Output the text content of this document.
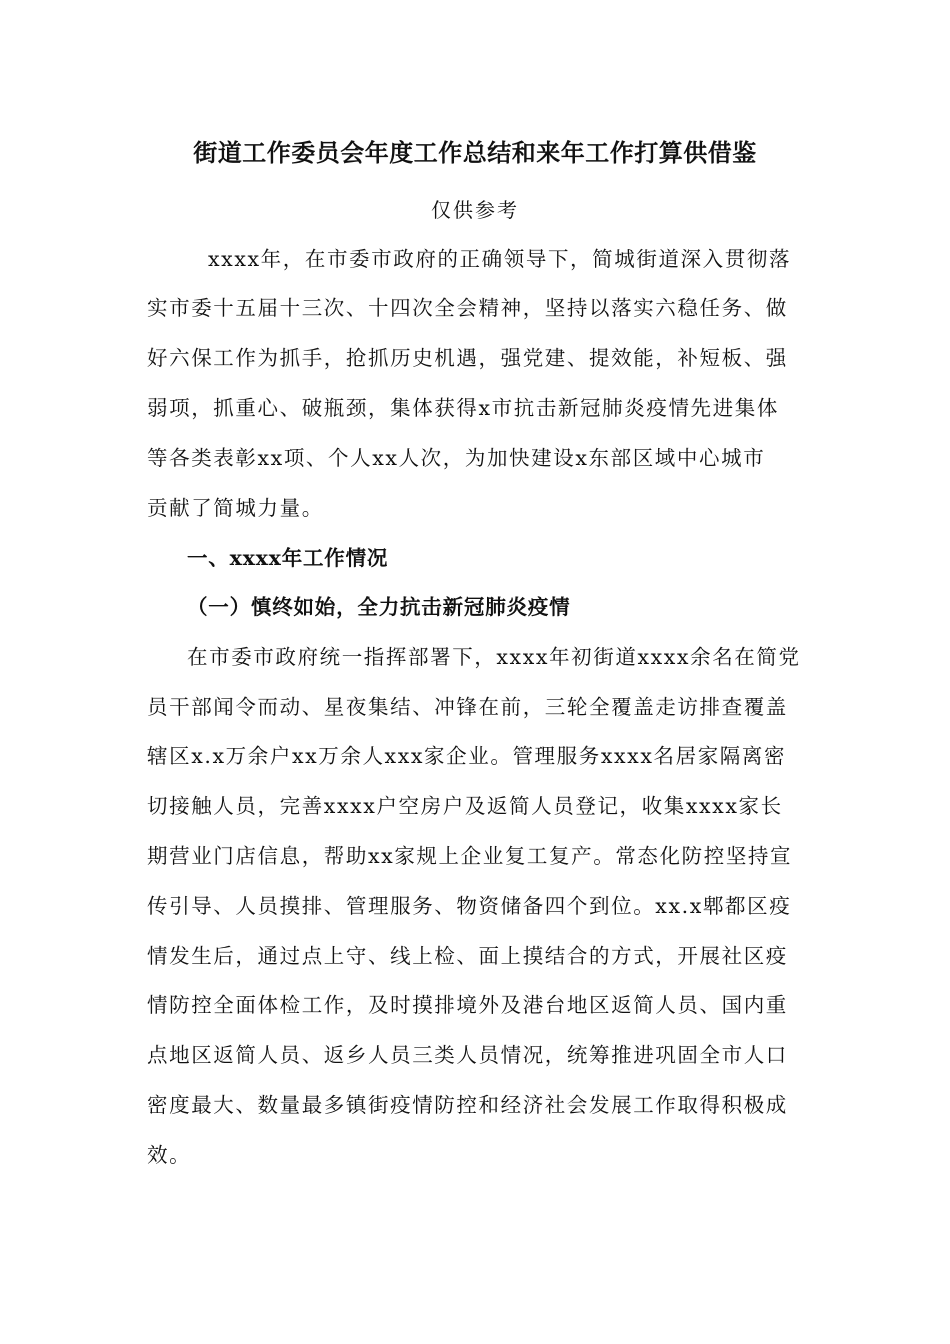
街道工作委员会年度工作总结和来年工作打算供借鉴
仅供参考
xxxx年，在市委市政府的正确领导下，简城街道深入贯彻落
实市委十五届十三次、十四次全会精神，坚持以落实六稳任务、做
好六保工作为抓手，抢抓历史机遇，强党建、提效能，补短板、强
弱项，抓重心、破瓶颈，集体获得x市抗击新冠肺炎疫情先进集体
等各类表彰xx项、个人xx人次，为加快建设x东部区域中心城市
贡献了简城力量。
一、xxxx年工作情况
（一）慎终如始，全力抗击新冠肺炎疫情
在市委市政府统一指挥部署下，xxxx年初街道xxxx余名在简党
员干部闻令而动、星夜集结、冲锋在前，三轮全覆盖走访排查覆盖
辖区x.x万余户xx万余人xxx家企业。管理服务xxxx名居家隔离密
切接触人员，完善xxxx户空房户及返简人员登记，收集xxxx家长
期营业门店信息，帮助xx家规上企业复工复产。常态化防控坚持宣
传引导、人员摸排、管理服务、物资储备四个到位。xx.x郫都区疫
情发生后，通过点上守、线上检、面上摸结合的方式，开展社区疫
情防控全面体检工作，及时摸排境外及港台地区返简人员、国内重
点地区返简人员、返乡人员三类人员情况，统筹推进巩固全市人口
密度最大、数量最多镇街疫情防控和经济社会发展工作取得积极成
效。
